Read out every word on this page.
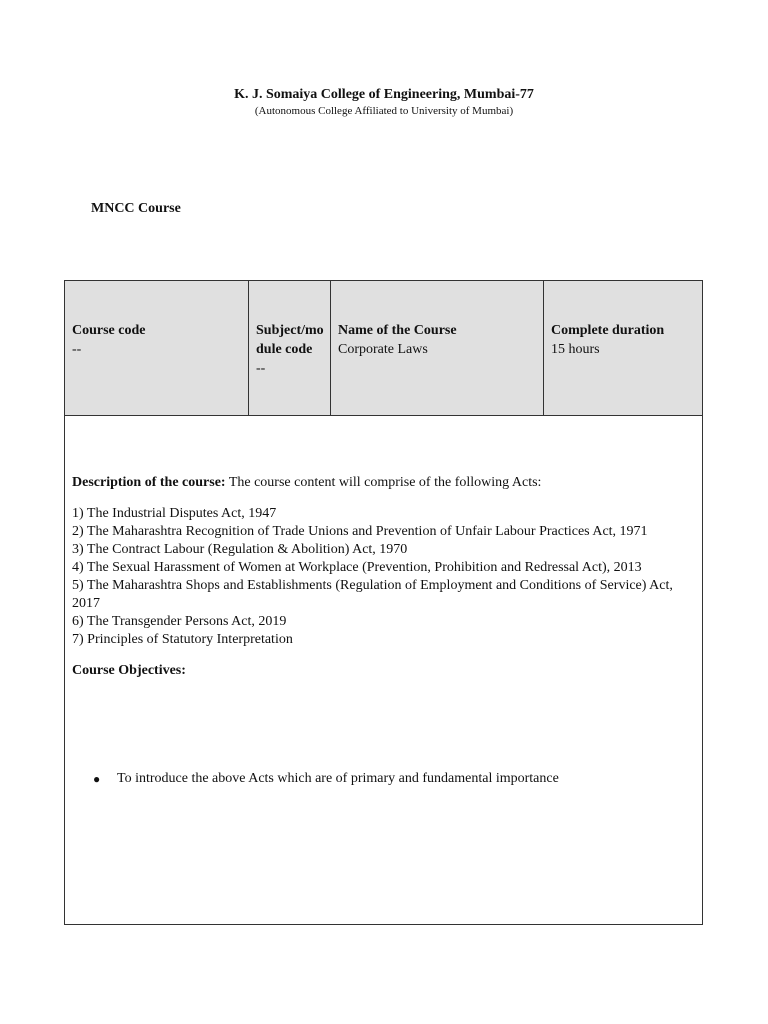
K. J. Somaiya College of Engineering, Mumbai-77
(Autonomous College Affiliated to University of Mumbai)
MNCC Course
Course code
--
Subject/module code
--
Name of the Course
Corporate Laws
Complete duration
15 hours
Description of the course: The course content will comprise of the following Acts:
1) The Industrial Disputes Act, 1947
2) The Maharashtra Recognition of Trade Unions and Prevention of Unfair Labour Practices Act, 1971
3) The Contract Labour (Regulation & Abolition) Act, 1970
4) The Sexual Harassment of Women at Workplace (Prevention, Prohibition and Redressal Act), 2013
5) The Maharashtra Shops and Establishments (Regulation of Employment and Conditions of Service) Act, 2017
6) The Transgender Persons Act, 2019
7) Principles of Statutory Interpretation
Course Objectives:
● To introduce the above Acts which are of primary and fundamental importance
